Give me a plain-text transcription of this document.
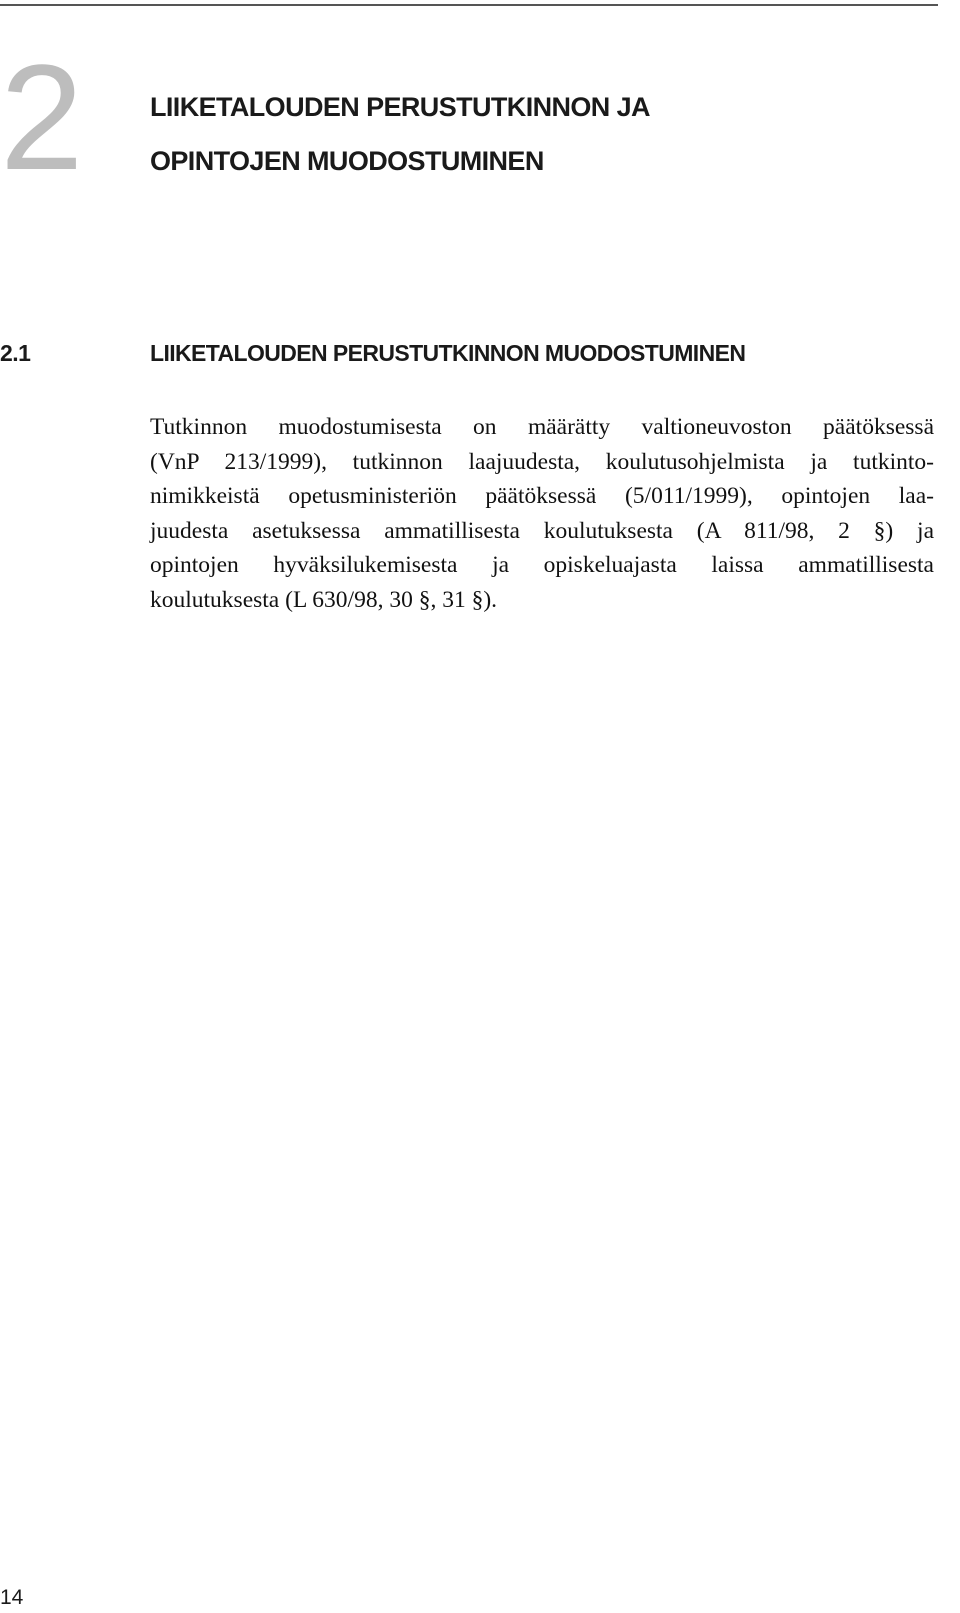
2	LIIKETALOUDEN PERUSTUTKINNON JA
OPINTOJEN MUODOSTUMINEN
2.1	LIIKETALOUDEN PERUSTUTKINNON MUODOSTUMINEN

Tutkinnon muodostumisesta on määrätty valtioneuvoston päätöksessä
(VnP 213/1999), tutkinnon laajuudesta, koulutusohjelmista ja tutkinto-
nimikkeistä opetusministeriön päätöksessä (5/011/1999), opintojen laa-
juudesta asetuksessa ammatillisesta koulutuksesta (A 811/98, 2 §) ja
opintojen hyväksilukemisesta ja opiskeluajasta laissa ammatillisesta
koulutuksesta (L 630/98, 30 §, 31 §).

14
